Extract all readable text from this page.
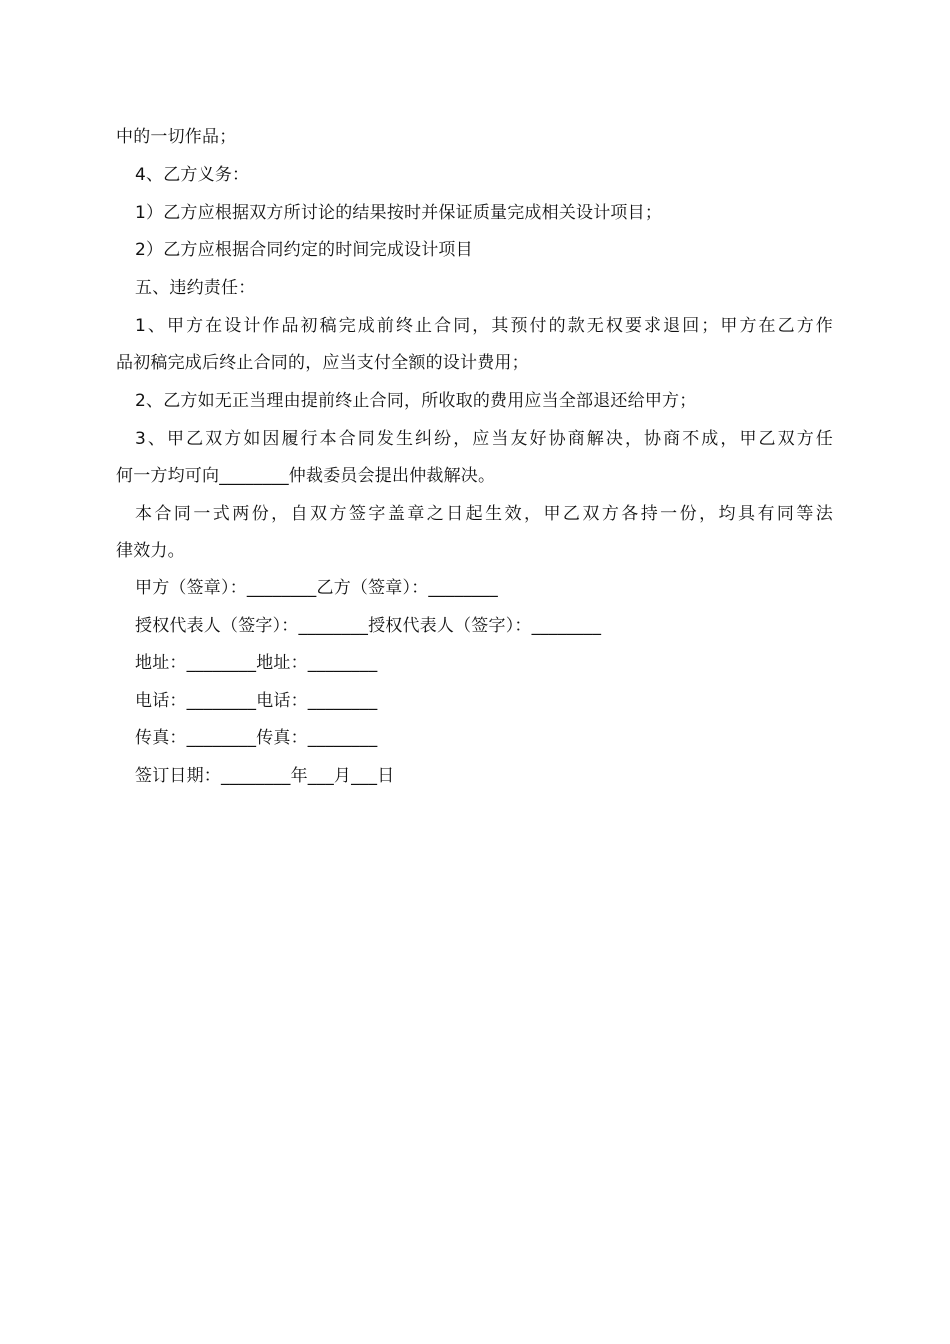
中的一切作品；
4、乙方义务：
1）乙方应根据双方所讨论的结果按时并保证质量完成相关设计项目；
2）乙方应根据合同约定的时间完成设计项目
五、违约责任：
1、甲方在设计作品初稿完成前终止合同，其预付的款无权要求退回；甲方在乙方作
品初稿完成后终止合同的，应当支付全额的设计费用；
2、乙方如无正当理由提前终止合同，所收取的费用应当全部退还给甲方；
3、甲乙双方如因履行本合同发生纠纷，应当友好协商解决，协商不成，甲乙双方任
何一方均可向________仲裁委员会提出仲裁解决。
本合同一式两份，自双方签字盖章之日起生效，甲乙双方各持一份，均具有同等法
律效力。
甲方（签章）：________乙方（签章）：________
授权代表人（签字）：________授权代表人（签字）：________
地址：________地址：________
电话：________电话：________
传真：________传真：________
签订日期：________年___月___日
